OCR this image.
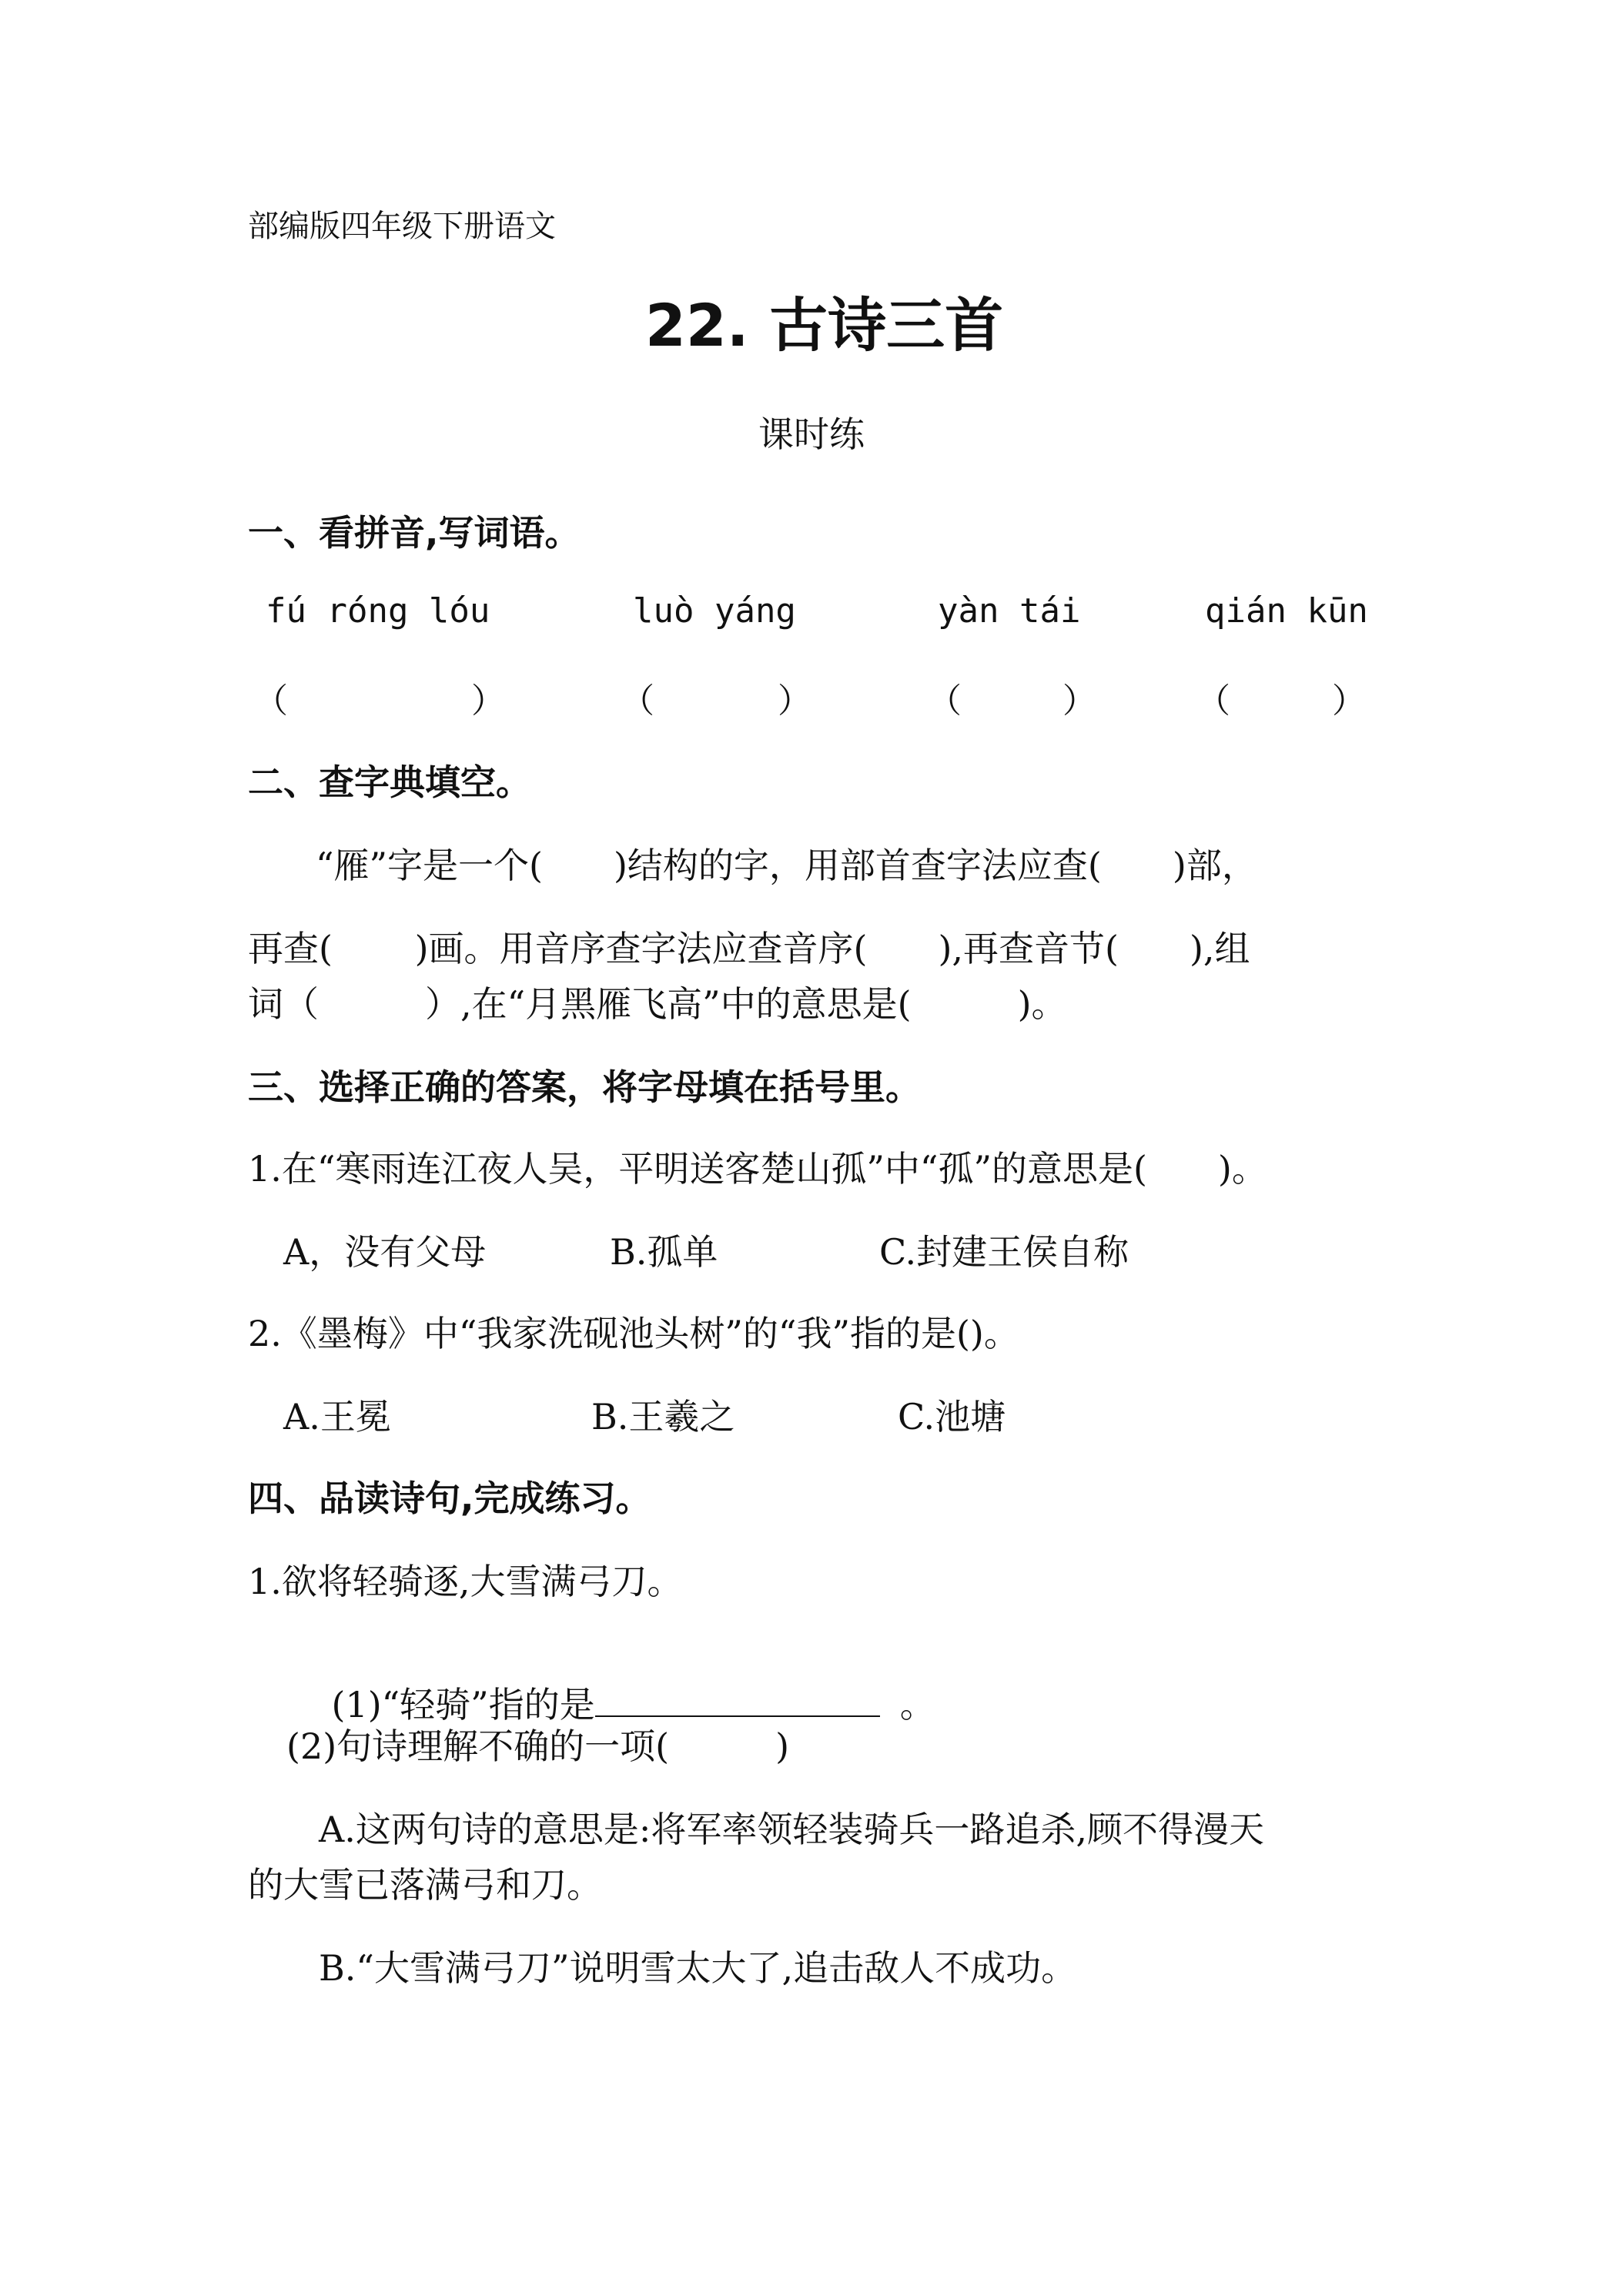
部编版四年级下册语文
22. 古诗三首
课时练
一、看拼音,写词语。
fú róng lóu	luò yáng	yàn tái	qián kūn
（	）	（	）	（	）	（	）
二、查字典填空。
“雁”字是一个(　　)结构的字，用部首查字法应查(　　)部，
再查(　　 )画。用音序查字法应查音序(　　),再查音节(　　),组
词（　　　）,在“月黑雁飞高”中的意思是(　　　)。
三、选择正确的答案，将字母填在括号里。
1.在“寒雨连江夜人吴，平明送客楚山孤”中“孤”的意思是(　　)。
A，没有父母	B.孤单	C.封建王侯自称
2.《墨梅》中“我家洗砚池头树”的“我”指的是()。
A.王冕	B.王羲之	C.池塘
四、品读诗句,完成练习。
1.欲将轻骑逐,大雪满弓刀。

(1)“轻骑”指的是	。

(2)句诗理解不确的一项(　　　)
A.这两句诗的意思是:将军率领轻装骑兵一路追杀,顾不得漫天
的大雪已落满弓和刀。
B.“大雪满弓刀”说明雪太大了,追击敌人不成功。
